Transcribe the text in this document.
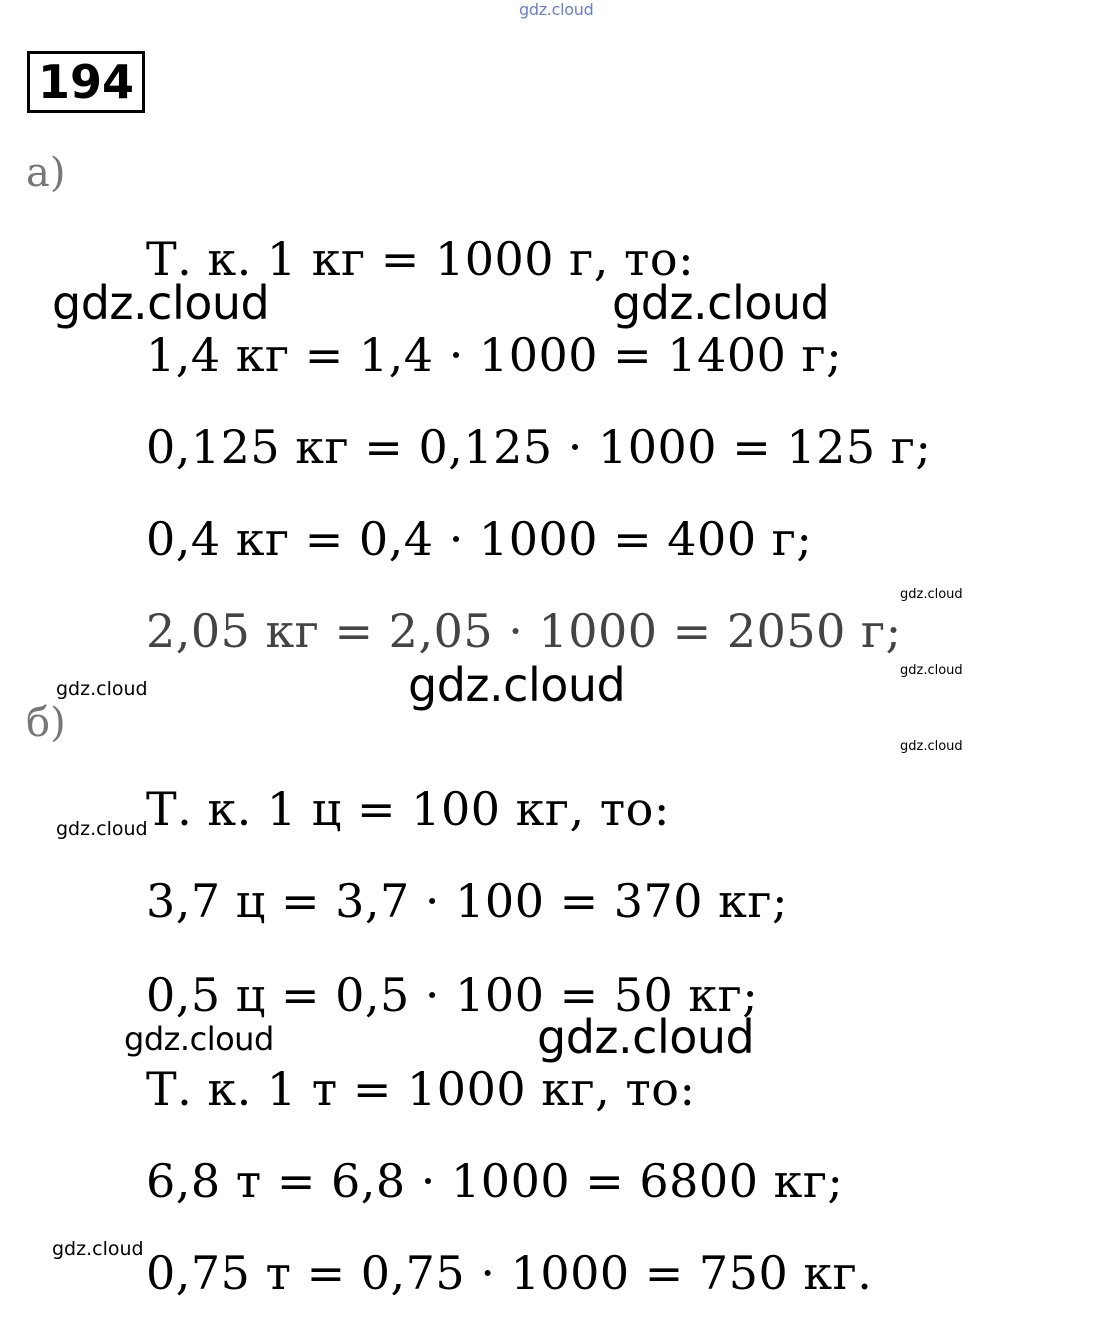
gdz.cloud
194
а)
Т. к. 1 кг = 1000 г, то:
1,4 кг = 1,4 · 1000 = 1400 г;
0,125 кг = 0,125 · 1000 = 125 г;
0,4 кг = 0,4 · 1000 = 400 г;
2,05 кг = 2,05 · 1000 = 2050 г;
б)
Т. к. 1 ц = 100 кг, то:
3,7 ц = 3,7 · 100 = 370 кг;
0,5 ц = 0,5 · 100 = 50 кг;
Т. к. 1 т = 1000 кг, то:
6,8 т = 6,8 · 1000 = 6800 кг;
0,75 т = 0,75 · 1000 = 750 кг.
gdz.cloud	gdz.cloud
gdz.cloud
gdz.cloud
gdz.cloud
gdz.cloud
gdz.cloud
gdz.cloud
gdz.cloud	gdz.cloud
gdz.cloud
